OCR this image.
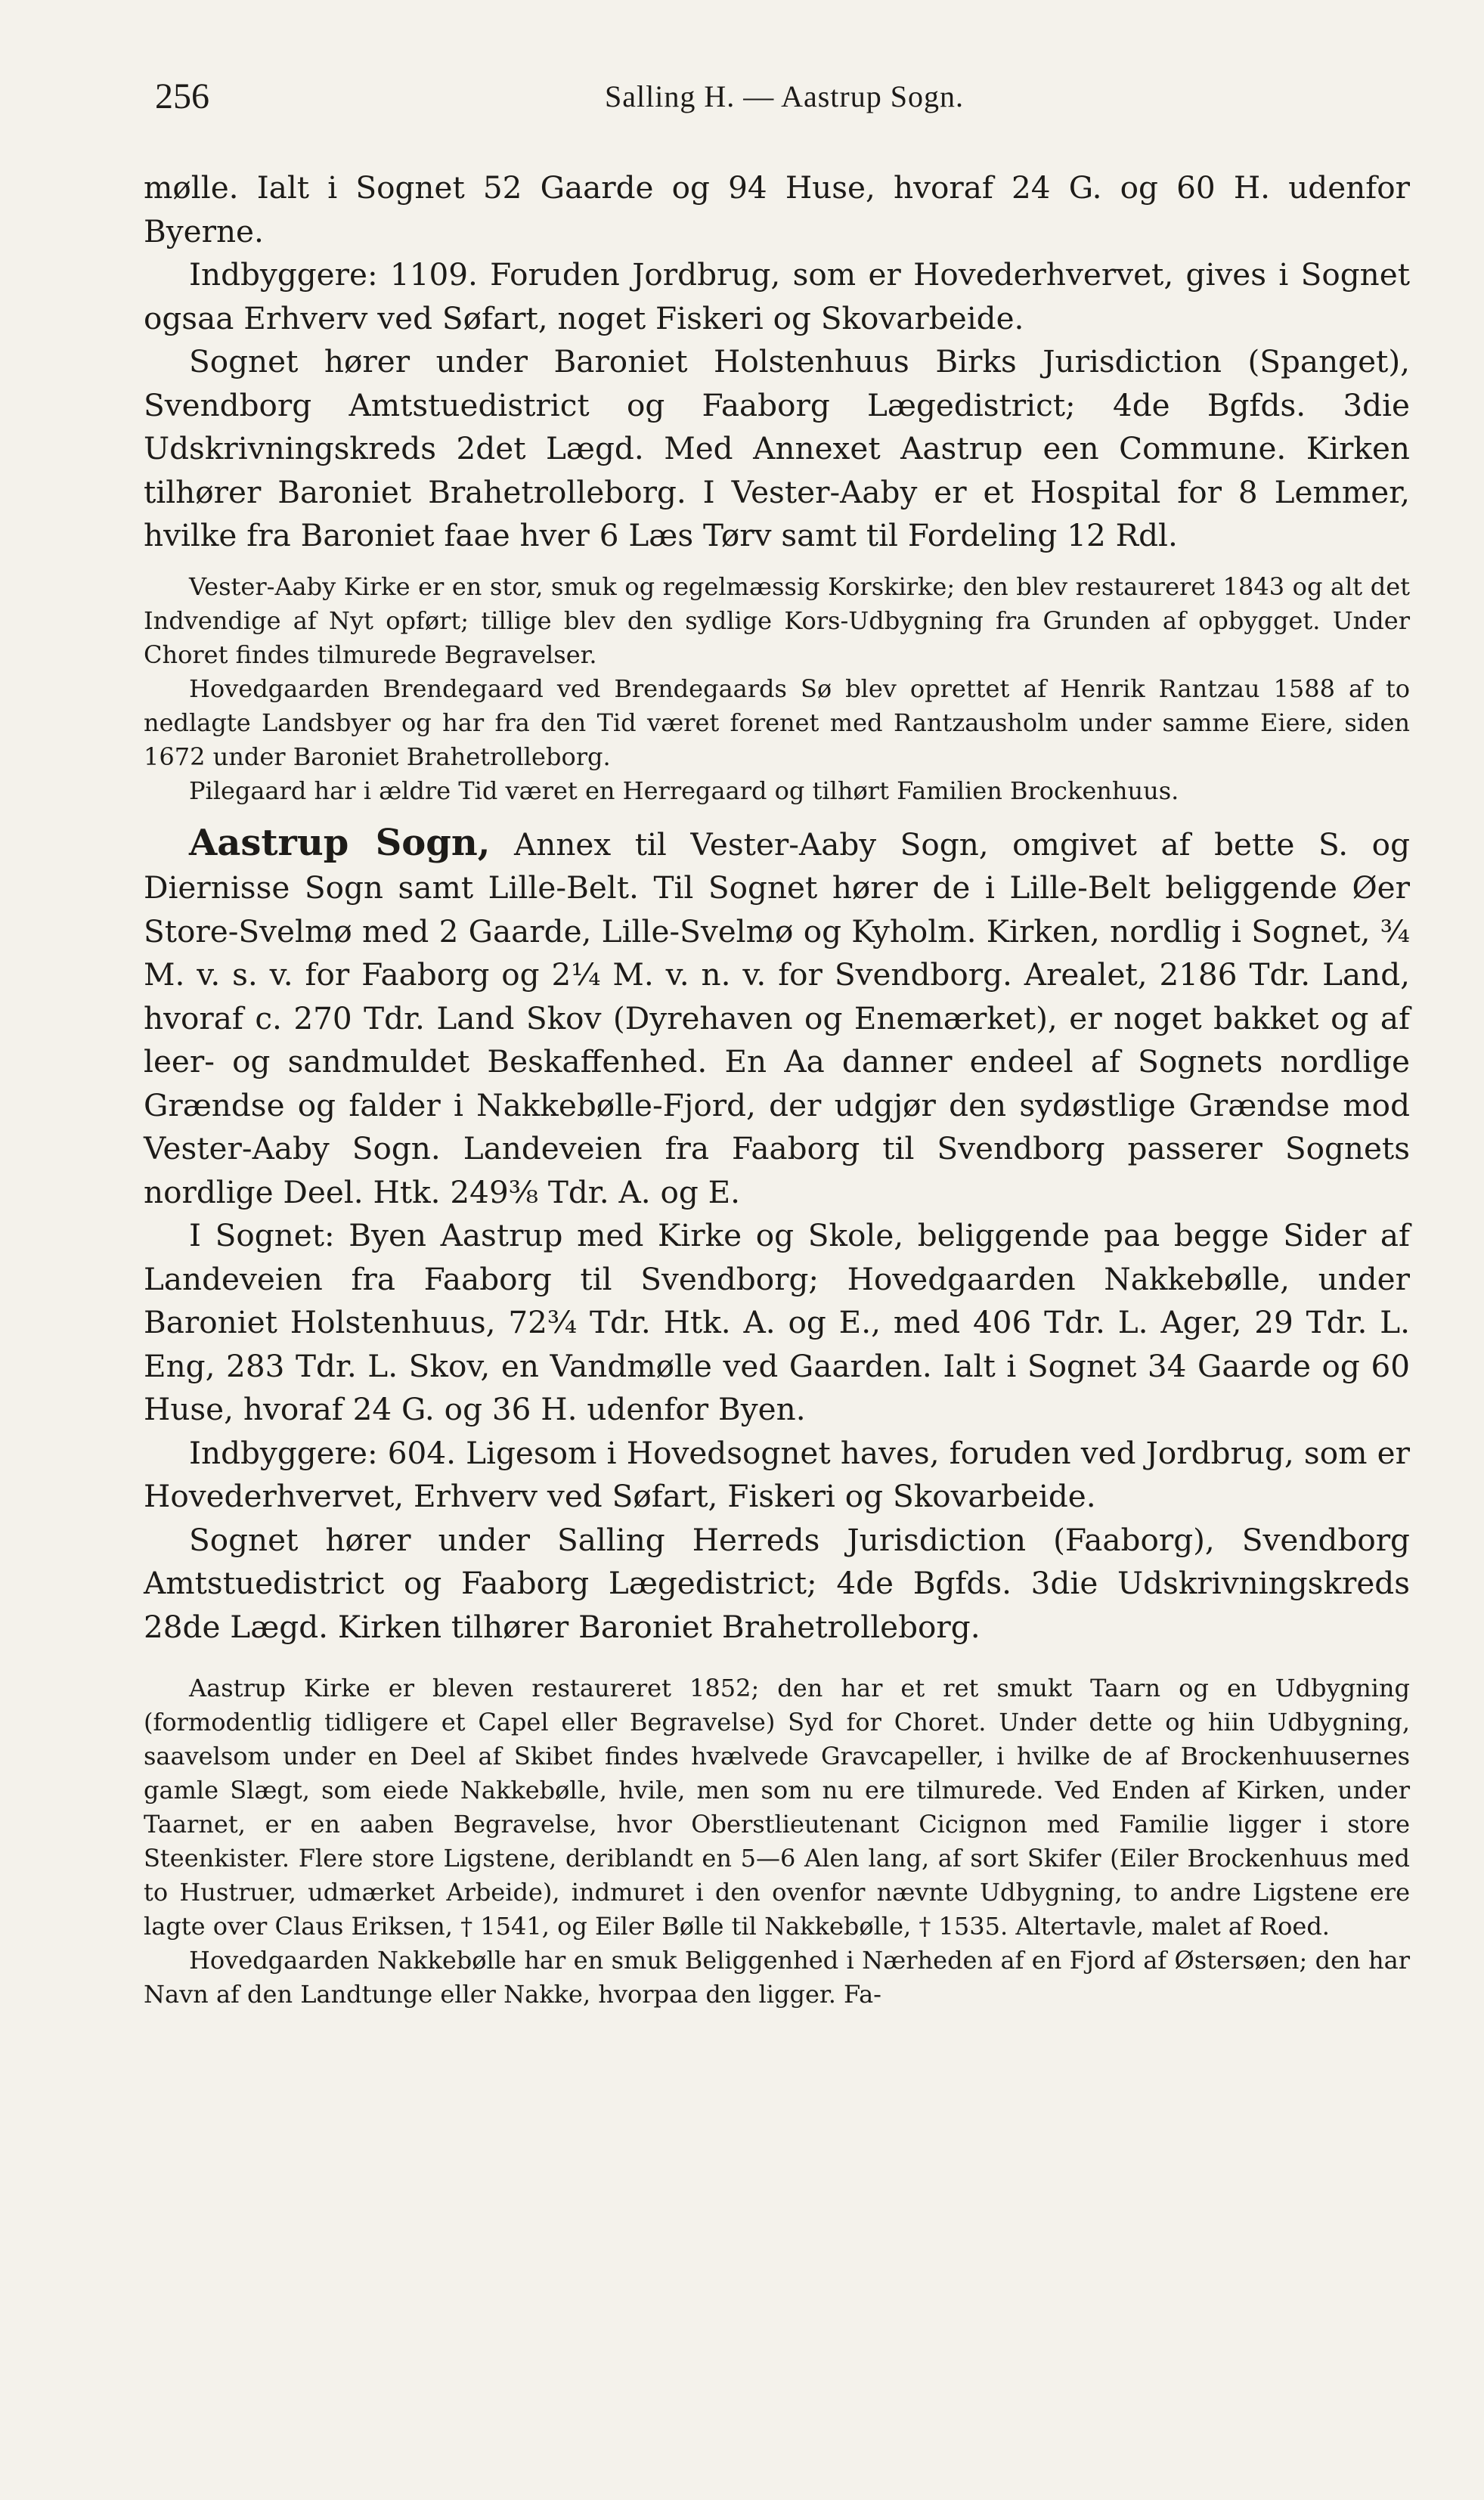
256	Salling H. — Aastrup Sogn.

mølle. Ialt i Sognet 52 Gaarde og 94 Huse, hvoraf 24 G. og 60 H. udenfor Byerne.

Indbyggere: 1109. Foruden Jordbrug, som er Hovederhvervet, gives i Sognet ogsaa Erhverv ved Søfart, noget Fiskeri og Skovarbeide.

Sognet hører under Baroniet Holstenhuus Birks Jurisdiction (Spanget), Svendborg Amtstuedistrict og Faaborg Lægedistrict; 4de Bgfds. 3die Udskrivningskreds 2det Lægd. Med Annexet Aastrup een Commune. Kirken tilhører Baroniet Brahetrolleborg. I Vester-Aaby er et Hospital for 8 Lemmer, hvilke fra Baroniet faae hver 6 Læs Tørv samt til Fordeling 12 Rdl.

Vester-Aaby Kirke er en stor, smuk og regelmæssig Korskirke; den blev restaureret 1843 og alt det Indvendige af Nyt opført; tillige blev den sydlige Kors-Udbygning fra Grunden af opbygget. Under Choret findes tilmurede Begravelser.

Hovedgaarden Brendegaard ved Brendegaards Sø blev oprettet af Henrik Rantzau 1588 af to nedlagte Landsbyer og har fra den Tid været forenet med Rantzausholm under samme Eiere, siden 1672 under Baroniet Brahetrolleborg.

Pilegaard har i ældre Tid været en Herregaard og tilhørt Familien Brockenhuus.

Aastrup Sogn, Annex til Vester-Aaby Sogn, omgivet af bette S. og Diernisse Sogn samt Lille-Belt. Til Sognet hører de i Lille-Belt beliggende Øer Store-Svelmø med 2 Gaarde, Lille-Svelmø og Kyholm. Kirken, nordlig i Sognet, ¾ M. v. s. v. for Faaborg og 2¼ M. v. n. v. for Svendborg. Arealet, 2186 Tdr. Land, hvoraf c. 270 Tdr. Land Skov (Dyrehaven og Enemærket), er noget bakket og af leer- og sandmuldet Beskaffenhed. En Aa danner endeel af Sognets nordlige Grændse og falder i Nakkebølle-Fjord, der udgjør den sydøstlige Grændse mod Vester-Aaby Sogn. Landeveien fra Faaborg til Svendborg passerer Sognets nordlige Deel. Htk. 249⅜ Tdr. A. og E.

I Sognet: Byen Aastrup med Kirke og Skole, beliggende paa begge Sider af Landeveien fra Faaborg til Svendborg; Hovedgaarden Nakkebølle, under Baroniet Holstenhuus, 72¾ Tdr. Htk. A. og E., med 406 Tdr. L. Ager, 29 Tdr. L. Eng, 283 Tdr. L. Skov, en Vandmølle ved Gaarden. Ialt i Sognet 34 Gaarde og 60 Huse, hvoraf 24 G. og 36 H. udenfor Byen.

Indbyggere: 604. Ligesom i Hovedsognet haves, foruden ved Jordbrug, som er Hovederhvervet, Erhverv ved Søfart, Fiskeri og Skovarbeide.

Sognet hører under Salling Herreds Jurisdiction (Faaborg), Svendborg Amtstuedistrict og Faaborg Lægedistrict; 4de Bgfds. 3die Udskrivningskreds 28de Lægd. Kirken tilhører Baroniet Brahetrolleborg.

Aastrup Kirke er bleven restaureret 1852; den har et ret smukt Taarn og en Udbygning (formodentlig tidligere et Capel eller Begravelse) Syd for Choret. Under dette og hiin Udbygning, saavelsom under en Deel af Skibet findes hvælvede Gravcapeller, i hvilke de af Brockenhuusernes gamle Slægt, som eiede Nakkebølle, hvile, men som nu ere tilmurede. Ved Enden af Kirken, under Taarnet, er en aaben Begravelse, hvor Oberstlieutenant Cicignon med Familie ligger i store Steenkister. Flere store Ligstene, deriblandt en 5—6 Alen lang, af sort Skifer (Eiler Brockenhuus med to Hustruer, udmærket Arbeide), indmuret i den ovenfor nævnte Udbygning, to andre Ligstene ere lagte over Claus Eriksen, † 1541, og Eiler Bølle til Nakkebølle, † 1535. Altertavle, malet af Roed.

Hovedgaarden Nakkebølle har en smuk Beliggenhed i Nærheden af en Fjord af Østersøen; den har Navn af den Landtunge eller Nakke, hvorpaa den ligger. Fa-
